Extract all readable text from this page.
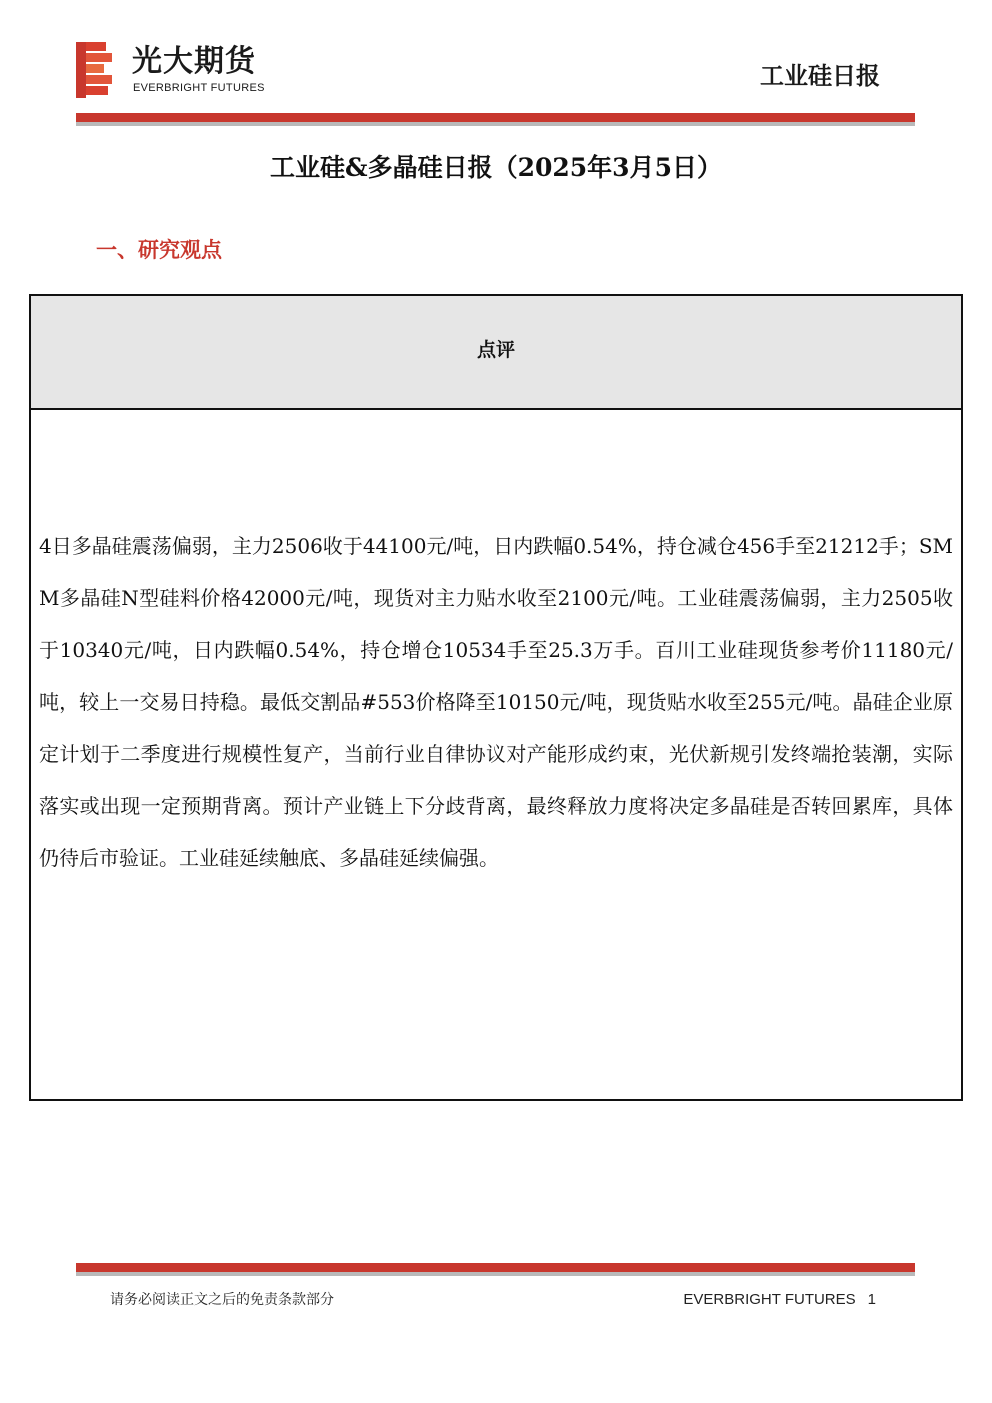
光大期货
EVERBRIGHT FUTURES	工业硅日报
工业硅&多晶硅日报（2025年3月5日）
一、研究观点
点评
4日多晶硅震荡偏弱，主力2506收于44100元/吨，日内跌幅0.54%，持仓减仓456手至21212手；SMM多晶硅N型硅料价格42000元/吨，现货对主力贴水收至2100元/吨。工业硅震荡偏弱，主力2505收于10340元/吨，日内跌幅0.54%，持仓增仓10534手至25.3万手。百川工业硅现货参考价11180元/吨，较上一交易日持稳。最低交割品#553价格降至10150元/吨，现货贴水收至255元/吨。晶硅企业原定计划于二季度进行规模性复产，当前行业自律协议对产能形成约束，光伏新规引发终端抢装潮，实际落实或出现一定预期背离。预计产业链上下分歧背离，最终释放力度将决定多晶硅是否转回累库，具体仍待后市验证。工业硅延续触底、多晶硅延续偏强。
请务必阅读正文之后的免责条款部分	EVERBRIGHT FUTURES 1
